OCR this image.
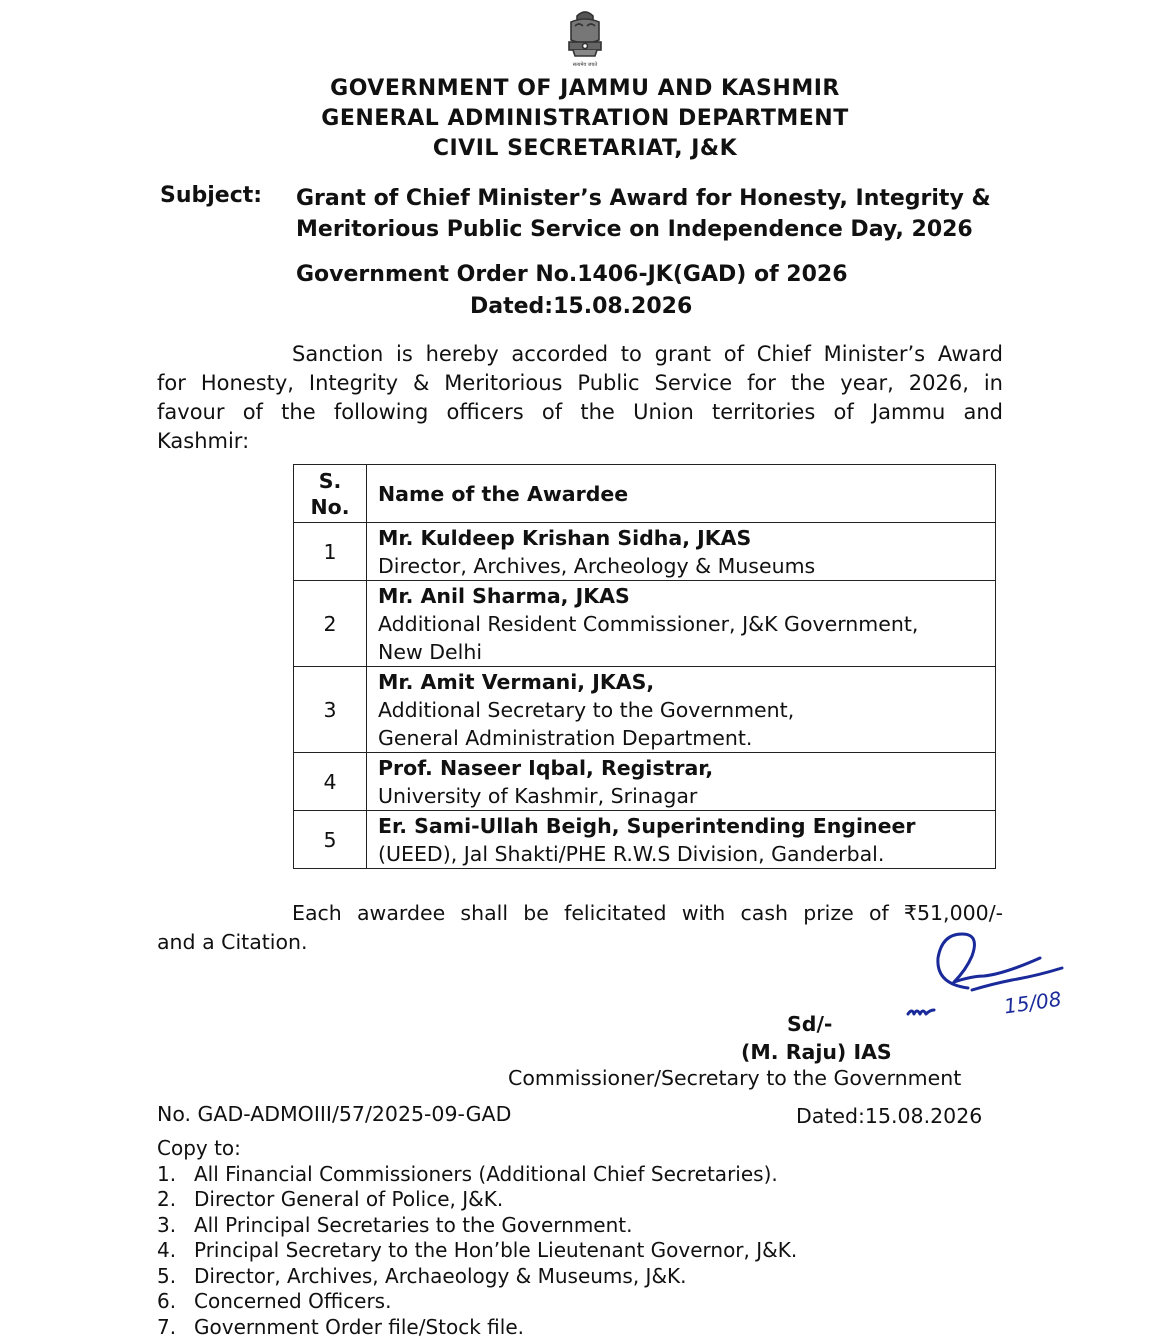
सत्यमेव जयते
GOVERNMENT OF JAMMU AND KASHMIR
GENERAL ADMINISTRATION DEPARTMENT
CIVIL SECRETARIAT, J&K
Subject: Grant of Chief Minister’s Award for Honesty, Integrity &
Meritorious Public Service on Independence Day, 2026
Government Order No.1406-JK(GAD) of 2026
Dated:15.08.2026
Sanction is hereby accorded to grant of Chief Minister’s Award
for Honesty, Integrity & Meritorious Public Service for the year, 2026, in
favour of the following officers of the Union territories of Jammu and
Kashmir:
S.
No.	Name of the Awardee
1	Mr. Kuldeep Krishan Sidha, JKAS
Director, Archives, Archeology & Museums

2	Mr. Anil Sharma, JKAS
Additional Resident Commissioner, J&K Government,
New Delhi

3	Mr. Amit Vermani, JKAS,
Additional Secretary to the Government,
General Administration Department.

4	Prof. Naseer Iqbal, Registrar,
University of Kashmir, Srinagar

5	Er. Sami-Ullah Beigh, Superintending Engineer
(UEED), Jal Shakti/PHE R.W.S Division, Ganderbal.
Each awardee shall be felicitated with cash prize of ₹51,000/-
and a Citation.
15/08
Sd/-
(M. Raju) IAS
Commissioner/Secretary to the Government
No. GAD-ADMOIII/57/2025-09-GAD	Dated:15.08.2026
Copy to:
1. All Financial Commissioners (Additional Chief Secretaries).
2. Director General of Police, J&K.
3. All Principal Secretaries to the Government.
4. Principal Secretary to the Hon’ble Lieutenant Governor, J&K.
5. Director, Archives, Archaeology & Museums, J&K.
6. Concerned Officers.
7. Government Order file/Stock file.
